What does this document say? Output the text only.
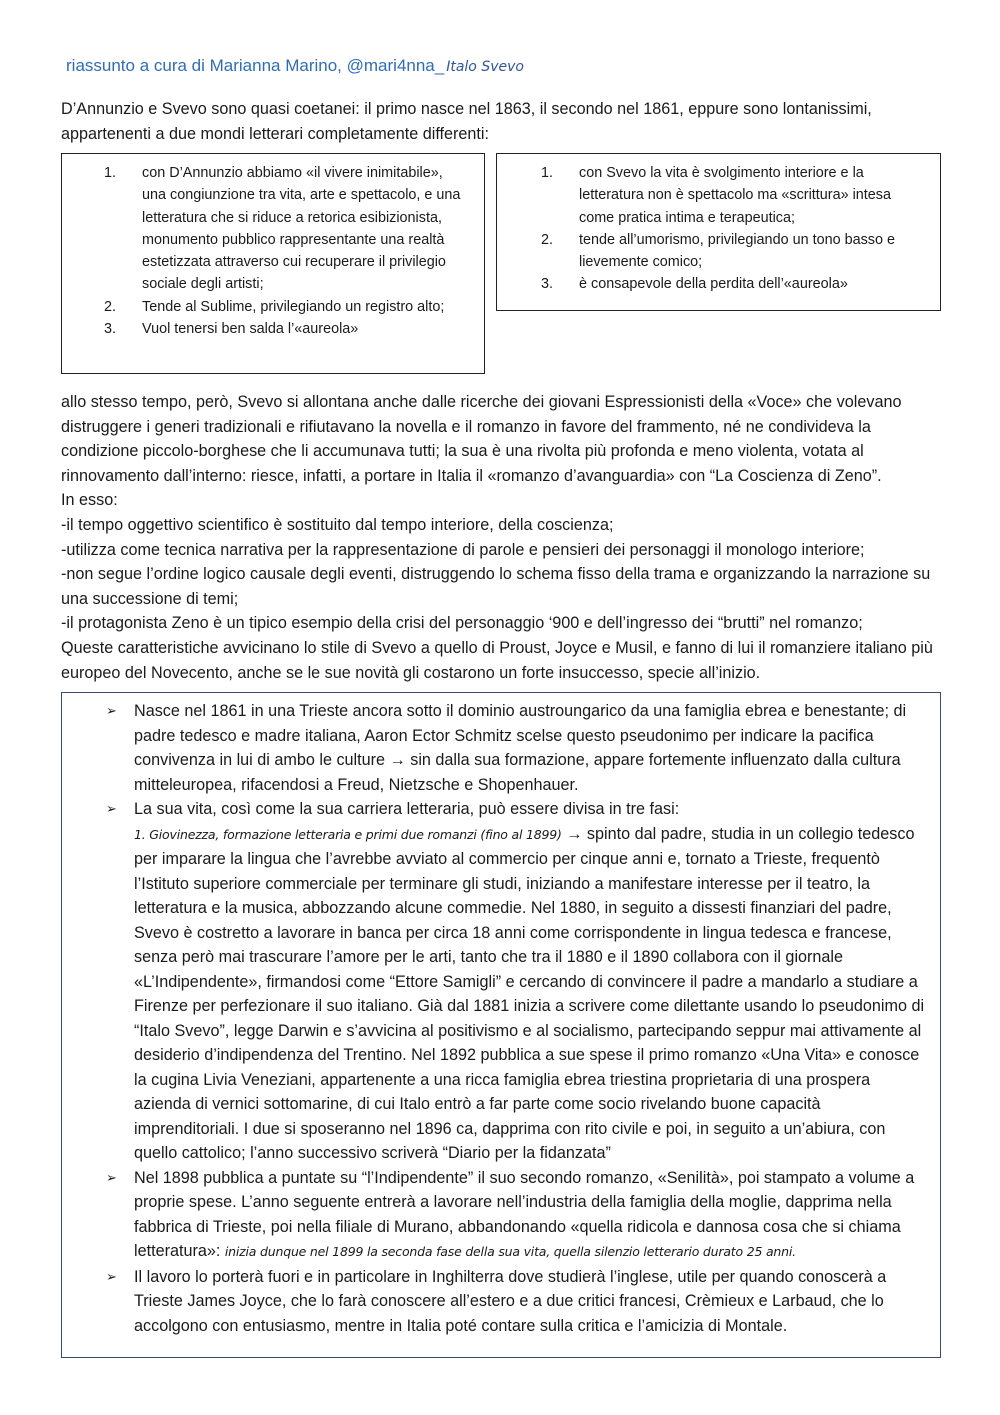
riassunto a cura di Marianna Marino, @mari4nna_ Italo Svevo

D’Annunzio e Svevo sono quasi coetanei: il primo nasce nel 1863, il secondo nel 1861, eppure sono lontanissimi, appartenenti a due mondi letterari completamente differenti:

1. con D’Annunzio abbiamo «il vivere inimitabile», una congiunzione tra vita, arte e spettacolo, e una letteratura che si riduce a retorica esibizionista, monumento pubblico rappresentante una realtà estetizzata attraverso cui recuperare il privilegio sociale degli artisti;
2. Tende al Sublime, privilegiando un registro alto;
3. Vuol tenersi ben salda l’«aureola»
1. con Svevo la vita è svolgimento interiore e la letteratura non è spettacolo ma «scrittura» intesa come pratica intima e terapeutica;
2. tende all’umorismo, privilegiando un tono basso e lievemente comico;
3. è consapevole della perdita dell’«aureola»
allo stesso tempo, però, Svevo si allontana anche dalle ricerche dei giovani Espressionisti della «Voce» che volevano distruggere i generi tradizionali e rifiutavano la novella e il romanzo in favore del frammento, né ne condivideva la condizione piccolo-borghese che li accumunava tutti; la sua è una rivolta più profonda e meno violenta, votata al rinnovamento dall’interno: riesce, infatti, a portare in Italia il «romanzo d’avanguardia» con “La Coscienza di Zeno”.
In esso:
-il tempo oggettivo scientifico è sostituito dal tempo interiore, della coscienza;
-utilizza come tecnica narrativa per la rappresentazione di parole e pensieri dei personaggi il monologo interiore;
-non segue l’ordine logico causale degli eventi, distruggendo lo schema fisso della trama e organizzando la narrazione su una successione di temi;
-il protagonista Zeno è un tipico esempio della crisi del personaggio ‘900 e dell’ingresso dei “brutti” nel romanzo;
Queste caratteristiche avvicinano lo stile di Svevo a quello di Proust, Joyce e Musil, e fanno di lui il romanziere italiano più europeo del Novecento, anche se le sue novità gli costarono un forte insuccesso, specie all’inizio.
➢ Nasce nel 1861 in una Trieste ancora sotto il dominio austroungarico da una famiglia ebrea e benestante; di padre tedesco e madre italiana, Aaron Ector Schmitz scelse questo pseudonimo per indicare la pacifica convivenza in lui di ambo le culture → sin dalla sua formazione, appare fortemente influenzato dalla cultura mitteleuropea, rifacendosi a Freud, Nietzsche e Shopenhauer.
➢ La sua vita, così come la sua carriera letteraria, può essere divisa in tre fasi:
1. Giovinezza, formazione letteraria e primi due romanzi (fino al 1899) → spinto dal padre, studia in un collegio tedesco per imparare la lingua che l’avrebbe avviato al commercio per cinque anni e, tornato a Trieste, frequentò l’Istituto superiore commerciale per terminare gli studi, iniziando a manifestare interesse per il teatro, la letteratura e la musica, abbozzando alcune commedie. Nel 1880, in seguito a dissesti finanziari del padre, Svevo è costretto a lavorare in banca per circa 18 anni come corrispondente in lingua tedesca e francese, senza però mai trascurare l’amore per le arti, tanto che tra il 1880 e il 1890 collabora con il giornale «L’Indipendente», firmandosi come “Ettore Samigli” e cercando di convincere il padre a mandarlo a studiare a Firenze per perfezionare il suo italiano. Già dal 1881 inizia a scrivere come dilettante usando lo pseudonimo di “Italo Svevo”, legge Darwin e s’avvicina al positivismo e al socialismo, partecipando seppur mai attivamente al desiderio d’indipendenza del Trentino. Nel 1892 pubblica a sue spese il primo romanzo «Una Vita» e conosce la cugina Livia Veneziani, appartenente a una ricca famiglia ebrea triestina proprietaria di una prospera azienda di vernici sottomarine, di cui Italo entrò a far parte come socio rivelando buone capacità imprenditoriali. I due si sposeranno nel 1896 ca, dapprima con rito civile e poi, in seguito a un’abiura, con quello cattolico; l’anno successivo scriverà “Diario per la fidanzata”
➢ Nel 1898 pubblica a puntate su “l’Indipendente” il suo secondo romanzo, «Senilità», poi stampato a volume a proprie spese. L’anno seguente entrerà a lavorare nell’industria della famiglia della moglie, dapprima nella fabbrica di Trieste, poi nella filiale di Murano, abbandonando «quella ridicola e dannosa cosa che si chiama letteratura»: inizia dunque nel 1899 la seconda fase della sua vita, quella silenzio letterario durato 25 anni.
➢ Il lavoro lo porterà fuori e in particolare in Inghilterra dove studierà l’inglese, utile per quando conoscerà a Trieste James Joyce, che lo farà conoscere all’estero e a due critici francesi, Crèmieux e Larbaud, che lo accolgono con entusiasmo, mentre in Italia poté contare sulla critica e l’amicizia di Montale.
